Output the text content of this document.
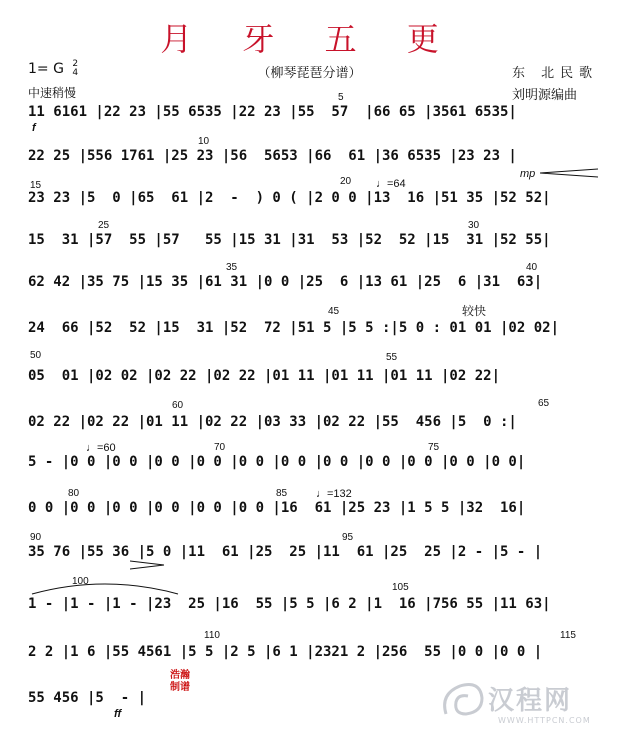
月 牙 五 更
（柳琴琵琶分谱）
1= G 2
4	东 北民歌
中速稍慢	刘明源编曲
11 6161 |22 23 |55 6535 |22 23 |55  57  |66 65 |3561 6535|
22 25 |556 1761 |25 23 |56  5653 |66  61 |36 6535 |23 23 |
23 23 |5  0 |65  61 |2  -  ) 0 ( |2 0 0 |13  16 |51 35 |52 52|
15  31 |57  55 |57   55 |15 31 |31  53 |52  52 |15  31 |52 55|
62 42 |35 75 |15 35 |61 31 |0 0 |25  6 |13 61 |25  6 |31  63|
24  66 |52  52 |15  31 |52  72 |51 5 |5 5 :|5 0 : 01 01 |02 02|
05  01 |02 02 |02 22 |02 22 |01 11 |01 11 |01 11 |02 22|
02 22 |02 22 |01 11 |02 22 |03 33 |02 22 |55  456 |5  0 :|
5 - |0 0 |0 0 |0 0 |0 0 |0 0 |0 0 |0 0 |0 0 |0 0 |0 0 |0 0|
0 0 |0 0 |0 0 |0 0 |0 0 |0 0 |16  61 |25 23 |1 5 5 |32  16|
35 76 |55 36 |5 0 |11  61 |25  25 |11  61 |25  25 |2 - |5 - |
1 - |1 - |1 - |23  25 |16  55 |5 5 |6 2 |1  16 |756 55 |11 63|
2 2 |1 6 |55 4561 |5 5 |2 5 |6 1 |2321 2 |256  55 |0 0 |0 0 |
55 456 |5  - |
5
10
15	20
25	30
35	40
45
50	55
60	65
70	75
80	85
90	95
100
105
110	115
f
mp
♩=64
♩=60
♩=132
较快
ff
浩瀚
制谱	汉程网
WWW.HTTPCN.COM
